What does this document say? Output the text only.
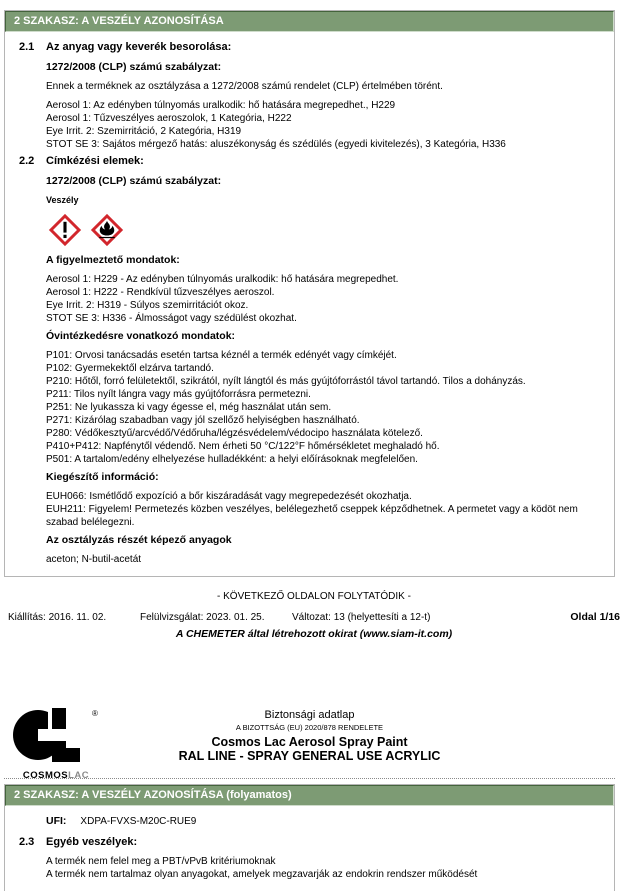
2 SZAKASZ: A VESZÉLY AZONOSÍTÁSA
2.1	Az anyag vagy keverék besorolása:
1272/2008 (CLP) számú szabályzat:
Ennek a terméknek az osztályzása a 1272/2008 számú rendelet (CLP) értelmében törént.
Aerosol 1: Az edényben túlnyomás uralkodik: hő hatására megrepedhet., H229
Aerosol 1: Tűzveszélyes aeroszolok, 1 Kategória, H222
Eye Irrit. 2: Szemirritáció, 2 Kategória, H319
STOT SE 3: Sajátos mérgező hatás: aluszékonyság és szédülés (egyedi kivitelezés), 3 Kategória, H336
2.2	Címkézési elemek:
1272/2008 (CLP) számú szabályzat:
Veszély
A figyelmeztető mondatok:
Aerosol 1: H229 - Az edényben túlnyomás uralkodik: hő hatására megrepedhet.
Aerosol 1: H222 - Rendkívül tűzveszélyes aeroszol.
Eye Irrit. 2: H319 - Súlyos szemirritációt okoz.
STOT SE 3: H336 - Álmosságot vagy szédülést okozhat.
Óvintézkedésre vonatkozó mondatok:
P101: Orvosi tanácsadás esetén tartsa kéznél a termék edényét vagy címkéjét.
P102: Gyermekektől elzárva tartandó.
P210: Hőtől, forró felületektől, szikrától, nyílt lángtól és más gyújtóforrástól távol tartandó. Tilos a dohányzás.
P211: Tilos nyílt lángra vagy más gyújtóforrásra permetezni.
P251: Ne lyukassza ki vagy égesse el, még használat után sem.
P271: Kizárólag szabadban vagy jól szellőző helyiségben használható.
P280: Védőkesztyű/arcvédő/Védőruha/légzésvédelem/védocipo használata kötelező.
P410+P412: Napfénytől védendő. Nem érheti 50 °C/122°F hőmérsékletet meghaladó hő.
P501: A tartalom/edény elhelyezése hulladékként: a helyi előírásoknak megfelelően.
Kiegészítő információ:
EUH066: Ismétlődő expozíció a bőr kiszáradását vagy megrepedezését okozhatja.
EUH211: Figyelem! Permetezés közben veszélyes, belélegezhető cseppek képződhetnek. A permetet vagy a ködöt nem szabad belélegezni.
Az osztályzás részét képező anyagok
aceton; N-butil-acetát
- KÖVETKEZŐ OLDALON FOLYTATÓDIK -
Kiállítás: 2016. 11. 02.	Felülvizsgálat: 2023. 01. 25.	Változat: 13 (helyettesíti a 12-t)	Oldal 1/16
A CHEMETER által létrehozott okirat (www.siam-it.com)
®
COSMOSLAC
Biztonsági adatlap
A BIZOTTSÁG (EU) 2020/878 RENDELETE
Cosmos Lac Aerosol Spray Paint
RAL LINE - SPRAY GENERAL USE ACRYLIC
2 SZAKASZ: A VESZÉLY AZONOSÍTÁSA (folyamatos)
UFI: XDPA-FVXS-M20C-RUE9
2.3	Egyéb veszélyek:
A termék nem felel meg a PBT/vPvB kritériumoknak
A termék nem tartalmaz olyan anyagokat, amelyek megzavarják az endokrin rendszer működését
